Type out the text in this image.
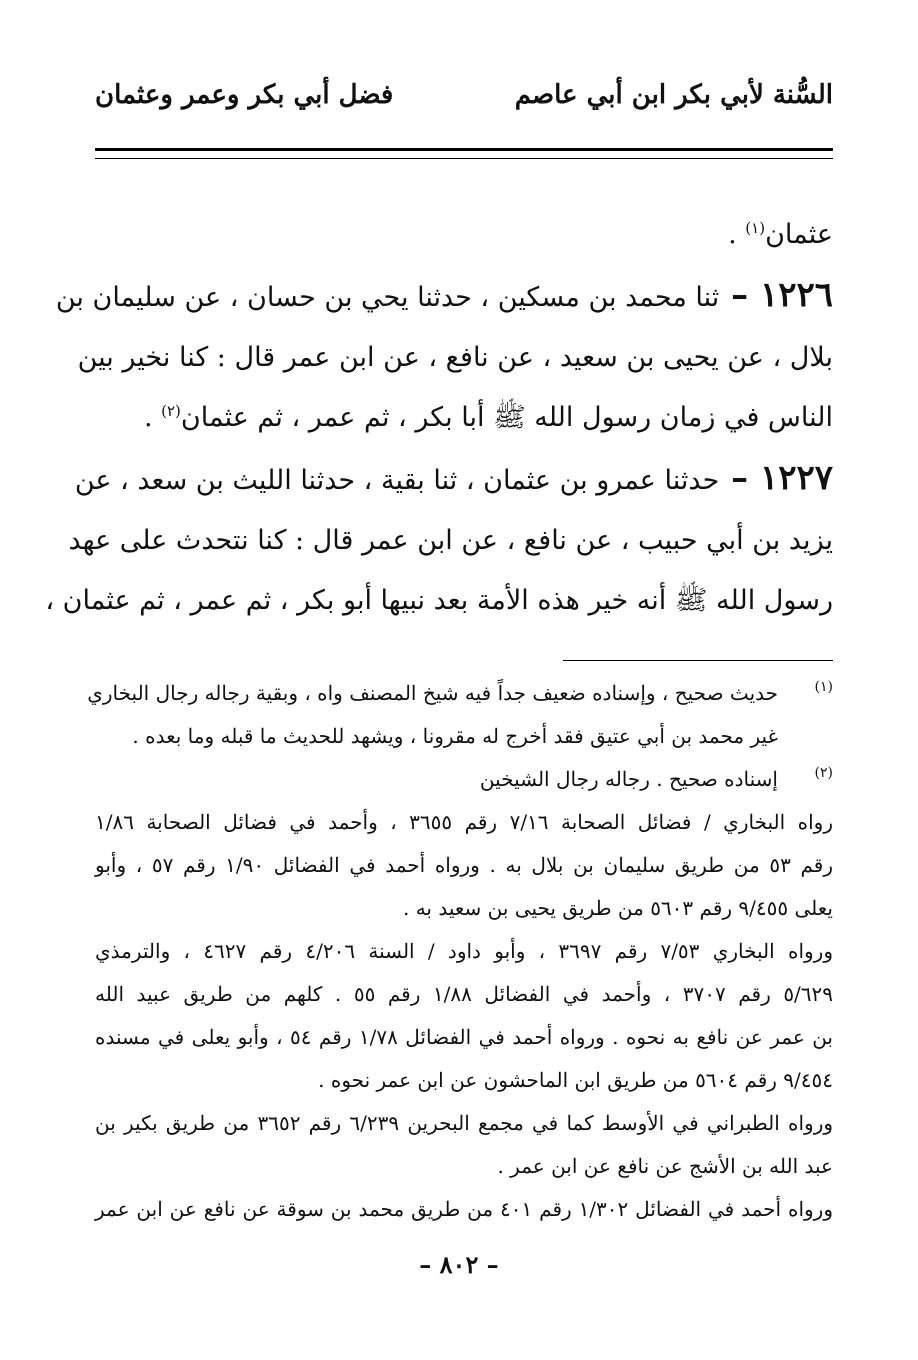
السُّنة لأبي بكر ابن أبي عاصم
فضل أبي بكر وعمر وعثمان
عثمان$^{(١)}$ .
١٢٢٦ – ثنا محمد بن مسكين ، حدثنا يحي بن حسان ، عن سليمان بن
بلال ، عن يحيى بن سعيد ، عن نافع ، عن ابن عمر قال : كنا نخير بين
الناس في زمان رسول الله ﷺ أبا بكر ، ثم عمر ، ثم عثمان$^{(٢)}$ .
١٢٢٧ – حدثنا عمرو بن عثمان ، ثنا بقية ، حدثنا الليث بن سعد ، عن
يزيد بن أبي حبيب ، عن نافع ، عن ابن عمر قال : كنا نتحدث على عهد
رسول الله ﷺ أنه خير هذه الأمة بعد نبيها أبو بكر ، ثم عمر ، ثم عثمان ،
(١)
حديث صحيح ، وإسناده ضعيف جداً فيه شيخ المصنف واه ، وبقية رجاله رجال البخاري
غير محمد بن أبي عتيق فقد أخرج له مقرونا ، ويشهد للحديث ما قبله وما بعده .
(٢)
إسناده صحيح . رجاله رجال الشيخين
رواه البخاري / فضائل الصحابة ٧/١٦ رقم ٣٦٥٥ ، وأحمد في فضائل الصحابة ١/٨٦
رقم ٥٣ من طريق سليمان بن بلال به . ورواه أحمد في الفضائل ١/٩٠ رقم ٥٧ ، وأبو
يعلى ٩/٤٥٥ رقم ٥٦٠٣ من طريق يحيى بن سعيد به .
ورواه البخاري ٧/٥٣ رقم ٣٦٩٧ ، وأبو داود / السنة ٤/٢٠٦ رقم ٤٦٢٧ ، والترمذي
٥/٦٢٩ رقم ٣٧٠٧ ، وأحمد في الفضائل ١/٨٨ رقم ٥٥ . كلهم من طريق عبيد الله
بن عمر عن نافع به نحوه . ورواه أحمد في الفضائل ١/٧٨ رقم ٥٤ ، وأبو يعلى في مسنده
٩/٤٥٤ رقم ٥٦٠٤ من طريق ابن الماحشون عن ابن عمر نحوه .
ورواه الطبراني في الأوسط كما في مجمع البحرين ٦/٢٣٩ رقم ٣٦٥٢ من طريق بكير بن
عبد الله بن الأشج عن نافع عن ابن عمر .
ورواه أحمد في الفضائل ١/٣٠٢ رقم ٤٠١ من طريق محمد بن سوقة عن نافع عن ابن عمر
– ٨٠٢ –
